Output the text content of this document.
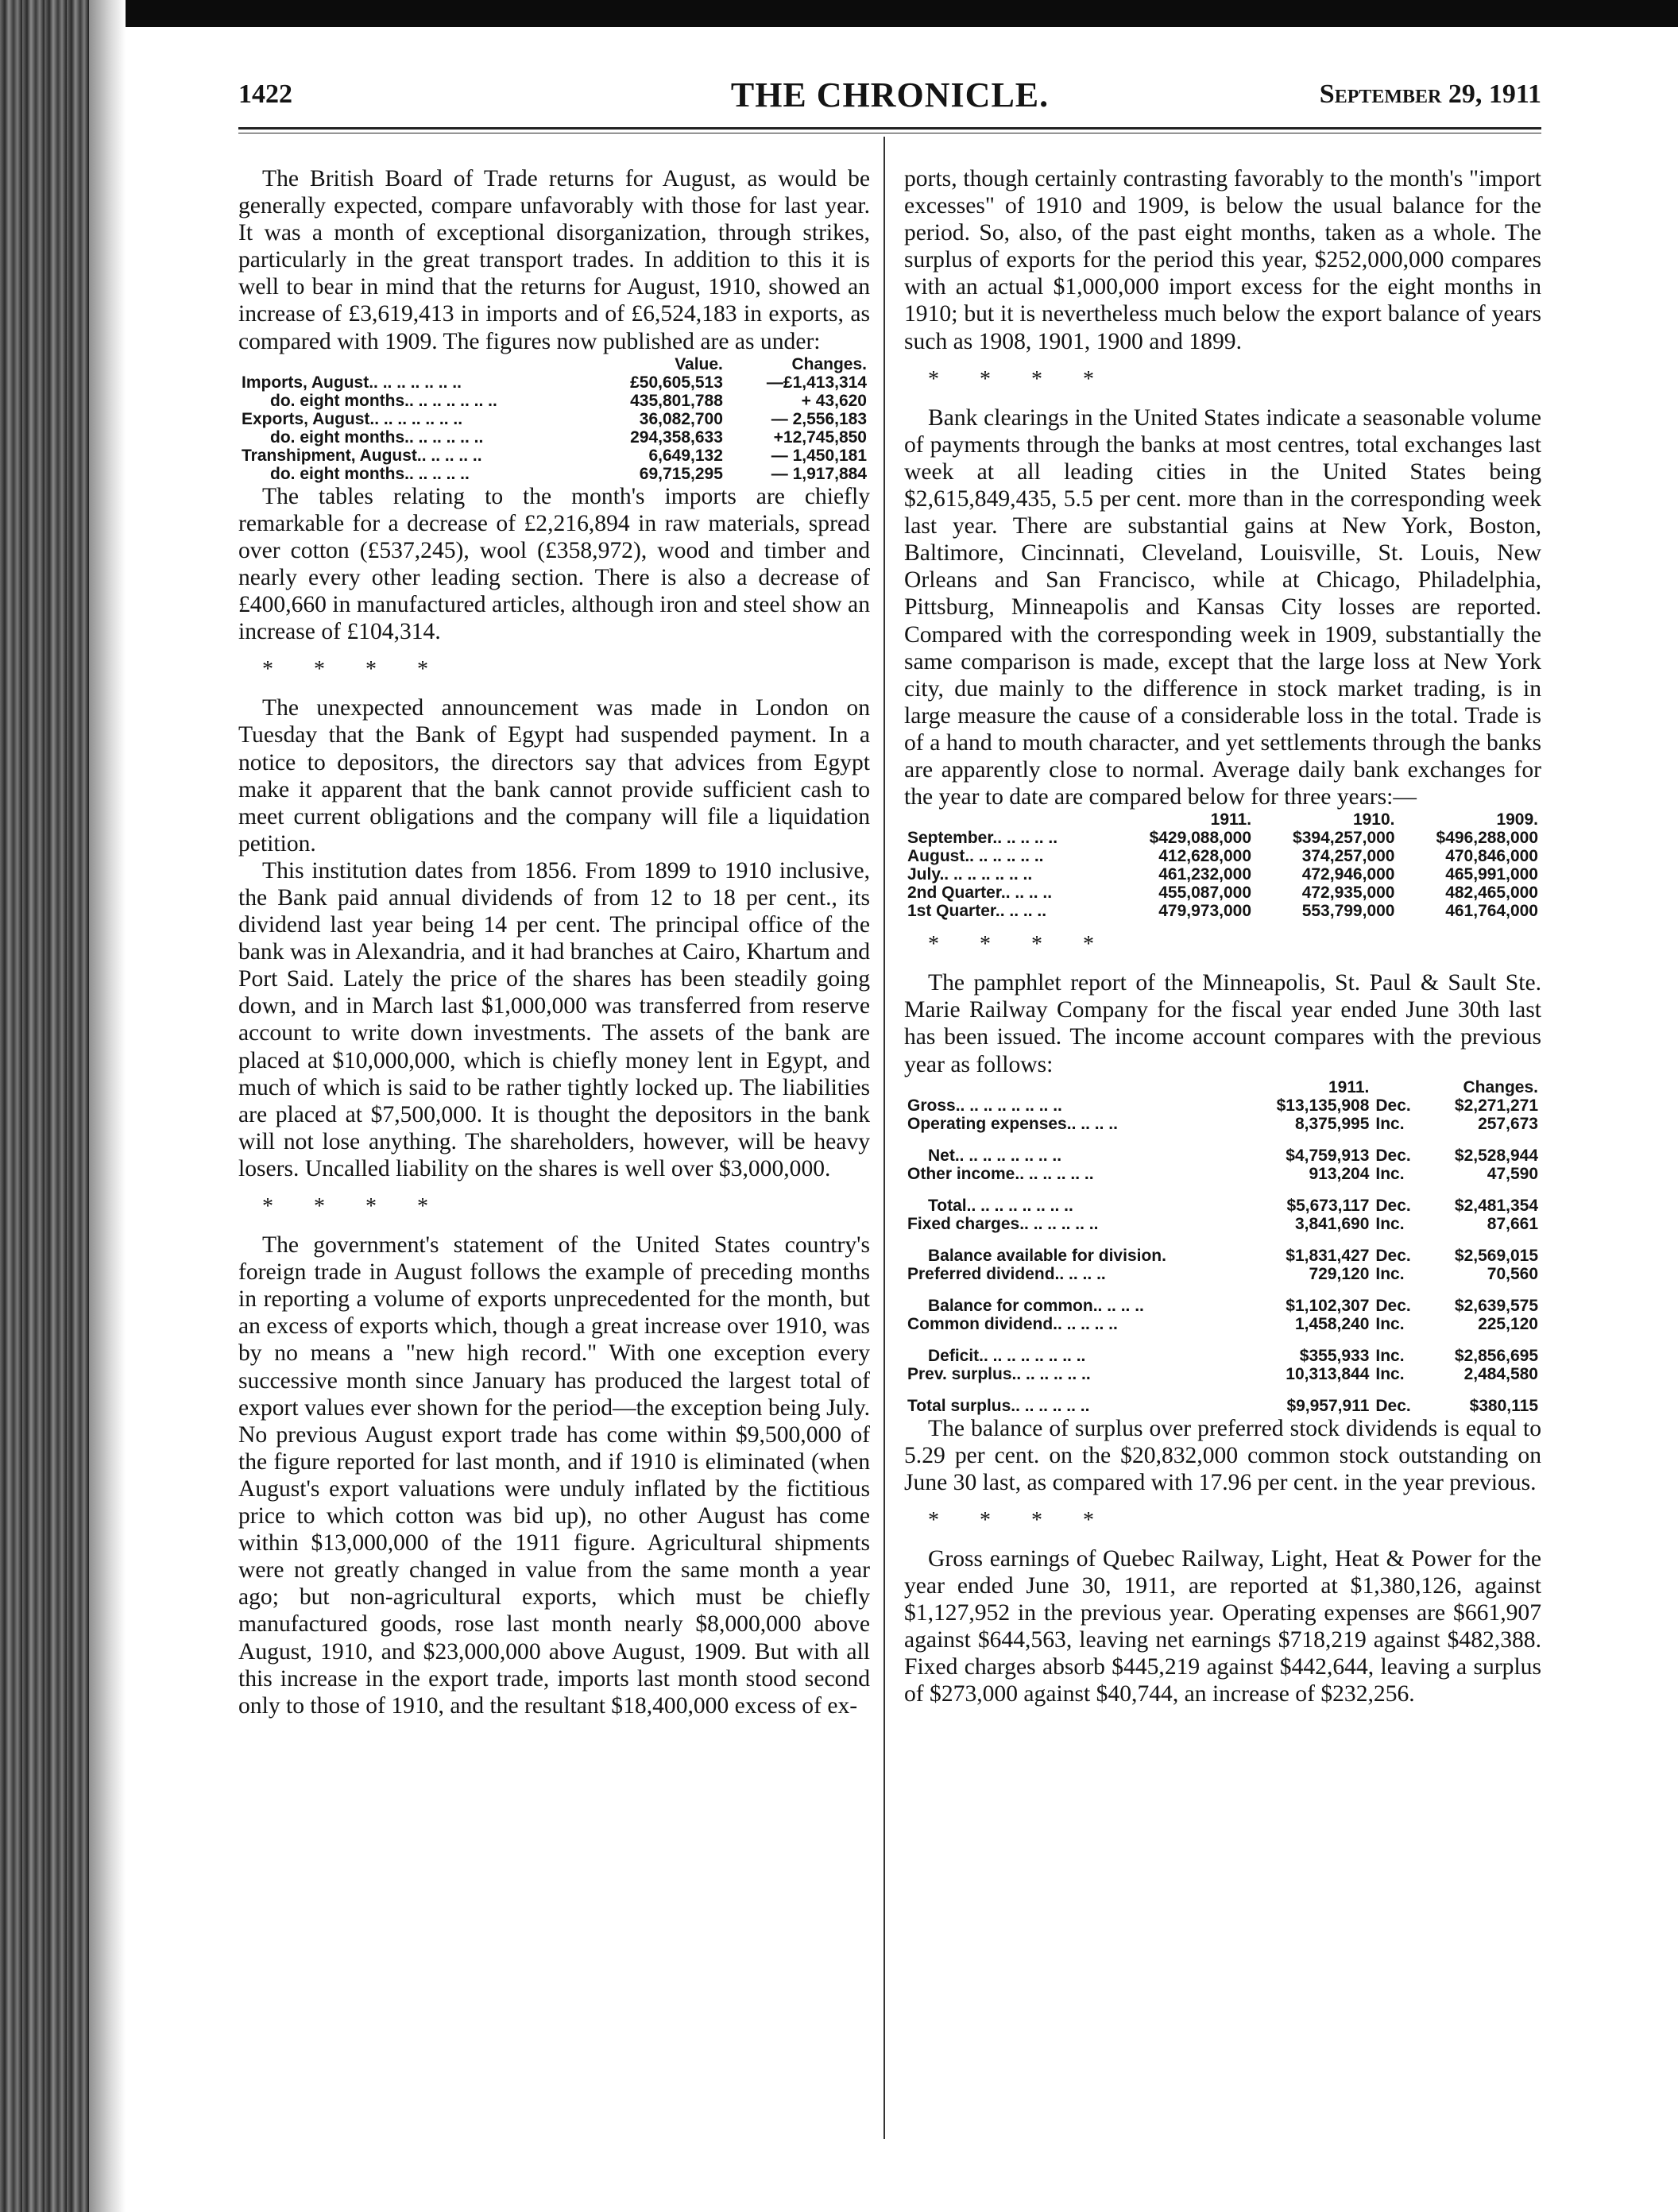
1422	THE CHRONICLE.	September 29, 1911

The British Board of Trade returns for August, as would be generally expected, compare unfavorably with those for last year. It was a month of exceptional disorganization, through strikes, particularly in the great transport trades. In addition to this it is well to bear in mind that the returns for August, 1910, showed an increase of £3,619,413 in imports and of £6,524,183 in exports, as compared with 1909. The figures now published are as under:

	Value.	Changes.
Imports, August.. .. .. .. .. .. ..	£50,605,513	—£1,413,314
do. eight months.. .. .. .. .. .. ..	435,801,788	+ 43,620
Exports, August.. .. .. .. .. .. ..	36,082,700	— 2,556,183
do. eight months.. .. .. .. .. ..	294,358,633	+12,745,850
Transhipment, August.. .. .. .. ..	6,649,132	— 1,450,181
do. eight months.. .. .. .. ..	69,715,295	— 1,917,884

The tables relating to the month's imports are chiefly remarkable for a decrease of £2,216,894 in raw materials, spread over cotton (£537,245), wool (£358,972), wood and timber and nearly every other leading section. There is also a decrease of £400,660 in manufactured articles, although iron and steel show an increase of £104,314.

* * * *

The unexpected announcement was made in London on Tuesday that the Bank of Egypt had suspended payment. In a notice to depositors, the directors say that advices from Egypt make it apparent that the bank cannot provide sufficient cash to meet current obligations and the company will file a liquidation petition.

This institution dates from 1856. From 1899 to 1910 inclusive, the Bank paid annual dividends of from 12 to 18 per cent., its dividend last year being 14 per cent. The principal office of the bank was in Alexandria, and it had branches at Cairo, Khartum and Port Said. Lately the price of the shares has been steadily going down, and in March last $1,000,000 was transferred from reserve account to write down investments. The assets of the bank are placed at $10,000,000, which is chiefly money lent in Egypt, and much of which is said to be rather tightly locked up. The liabilities are placed at $7,500,000. It is thought the depositors in the bank will not lose anything. The shareholders, however, will be heavy losers. Uncalled liability on the shares is well over $3,000,000.

* * * *

The government's statement of the United States country's foreign trade in August follows the example of preceding months in reporting a volume of exports unprecedented for the month, but an excess of exports which, though a great increase over 1910, was by no means a "new high record." With one exception every successive month since January has produced the largest total of export values ever shown for the period—the exception being July. No previous August export trade has come within $9,500,000 of the figure reported for last month, and if 1910 is eliminated (when August's export valuations were unduly inflated by the fictitious price to which cotton was bid up), no other August has come within $13,000,000 of the 1911 figure. Agricultural shipments were not greatly changed in value from the same month a year ago; but non-agricultural exports, which must be chiefly manufactured goods, rose last month nearly $8,000,000 above August, 1910, and $23,000,000 above August, 1909. But with all this increase in the export trade, imports last month stood second only to those of 1910, and the resultant $18,400,000 excess of ex-

ports, though certainly contrasting favorably to the month's "import excesses" of 1910 and 1909, is below the usual balance for the period. So, also, of the past eight months, taken as a whole. The surplus of exports for the period this year, $252,000,000 compares with an actual $1,000,000 import excess for the eight months in 1910; but it is nevertheless much below the export balance of years such as 1908, 1901, 1900 and 1899.

* * * *

Bank clearings in the United States indicate a seasonable volume of payments through the banks at most centres, total exchanges last week at all leading cities in the United States being $2,615,849,435, 5.5 per cent. more than in the corresponding week last year. There are substantial gains at New York, Boston, Baltimore, Cincinnati, Cleveland, Louisville, St. Louis, New Orleans and San Francisco, while at Chicago, Philadelphia, Pittsburg, Minneapolis and Kansas City losses are reported. Compared with the corresponding week in 1909, substantially the same comparison is made, except that the large loss at New York city, due mainly to the difference in stock market trading, is in large measure the cause of a considerable loss in the total. Trade is of a hand to mouth character, and yet settlements through the banks are apparently close to normal. Average daily bank exchanges for the year to date are compared below for three years:—

	1911.	1910.	1909.
September.. .. .. .. ..	$429,088,000	$394,257,000	$496,288,000
August.. .. .. .. .. ..	412,628,000	374,257,000	470,846,000
July.. .. .. .. .. .. ..	461,232,000	472,946,000	465,991,000
2nd Quarter.. .. .. ..	455,087,000	472,935,000	482,465,000
1st Quarter.. .. .. ..	479,973,000	553,799,000	461,764,000

* * * *

The pamphlet report of the Minneapolis, St. Paul & Sault Ste. Marie Railway Company for the fiscal year ended June 30th last has been issued. The income account compares with the previous year as follows:

	1911.		Changes.
Gross.. .. .. .. .. .. .. ..	$13,135,908	Dec.	$2,271,271
Operating expenses.. .. .. ..	8,375,995	Inc.	257,673

Net.. .. .. .. .. .. .. ..	$4,759,913	Dec.	$2,528,944
Other income.. .. .. .. .. ..	913,204	Inc.	47,590

Total.. .. .. .. .. .. .. ..	$5,673,117	Dec.	$2,481,354
Fixed charges.. .. .. .. .. ..	3,841,690	Inc.	87,661

Balance available for division.	$1,831,427	Dec.	$2,569,015
Preferred dividend.. .. .. ..	729,120	Inc.	70,560

Balance for common.. .. .. ..	$1,102,307	Dec.	$2,639,575
Common dividend.. .. .. .. ..	1,458,240	Inc.	225,120

Deficit.. .. .. .. .. .. .. ..	$355,933	Inc.	$2,856,695
Prev. surplus.. .. .. .. .. ..	10,313,844	Inc.	2,484,580

Total surplus.. .. .. .. .. ..	$9,957,911	Dec.	$380,115

The balance of surplus over preferred stock dividends is equal to 5.29 per cent. on the $20,832,000 common stock outstanding on June 30 last, as compared with 17.96 per cent. in the year previous.

* * * *

Gross earnings of Quebec Railway, Light, Heat & Power for the year ended June 30, 1911, are reported at $1,380,126, against $1,127,952 in the previous year. Operating expenses are $661,907 against $644,563, leaving net earnings $718,219 against $482,388. Fixed charges absorb $445,219 against $442,644, leaving a surplus of $273,000 against $40,744, an increase of $232,256.
